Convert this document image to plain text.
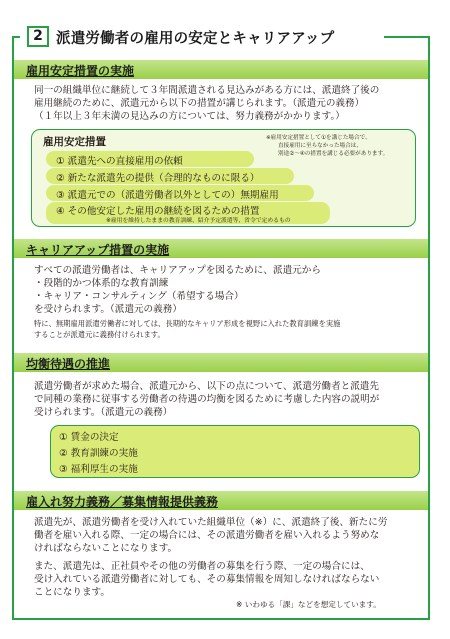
2 派遣労働者の雇用の安定とキャリアアップ
雇用安定措置の実施
同一の組織単位に継続して３年間派遣される見込みがある方には、派遣終了後の
雇用継続のために、派遣元から以下の措置が講じられます。（派遣元の義務）
（１年以上３年未満の見込みの方については、努力義務がかかります。）
雇用安定措置	※雇用安定措置として①を講じた場合で、
直接雇用に至らなかった場合は、
別途②〜④の措置を講じる必要があります。
① 派遣先への直接雇用の依頼
② 新たな派遣先の提供（合理的なものに限る）
③ 派遣元での（派遣労働者以外としての）無期雇用
④ その他安定した雇用の継続を図るための措置
※雇用を維持したままの教育訓練、紹介予定派遣等、省令で定めるもの
キャリアアップ措置の実施
すべての派遣労働者は、キャリアアップを図るために、派遣元から
・段階的かつ体系的な教育訓練
・キャリア・コンサルティング（希望する場合）
を受けられます。（派遣元の義務）
特に、無期雇用派遣労働者に対しては、長期的なキャリア形成を視野に入れた教育訓練を実施
することが派遣元に義務付けられます。
均衡待遇の推進
派遣労働者が求めた場合、派遣元から、以下の点について、派遣労働者と派遣先
で同種の業務に従事する労働者の待遇の均衡を図るために考慮した内容の説明が
受けられます。（派遣元の義務）
① 賃金の決定
② 教育訓練の実施
③ 福利厚生の実施
雇入れ努力義務／募集情報提供義務
派遣先が、派遣労働者を受け入れていた組織単位（※）に、派遣終了後、新たに労
働者を雇い入れる際、一定の場合には、その派遣労働者を雇い入れるよう努めな
ければならないことになります。
また、派遣先は、正社員やその他の労働者の募集を行う際、一定の場合には、
受け入れている派遣労働者に対しても、その募集情報を周知しなければならない
ことになります。
※ いわゆる「課」などを想定しています。
